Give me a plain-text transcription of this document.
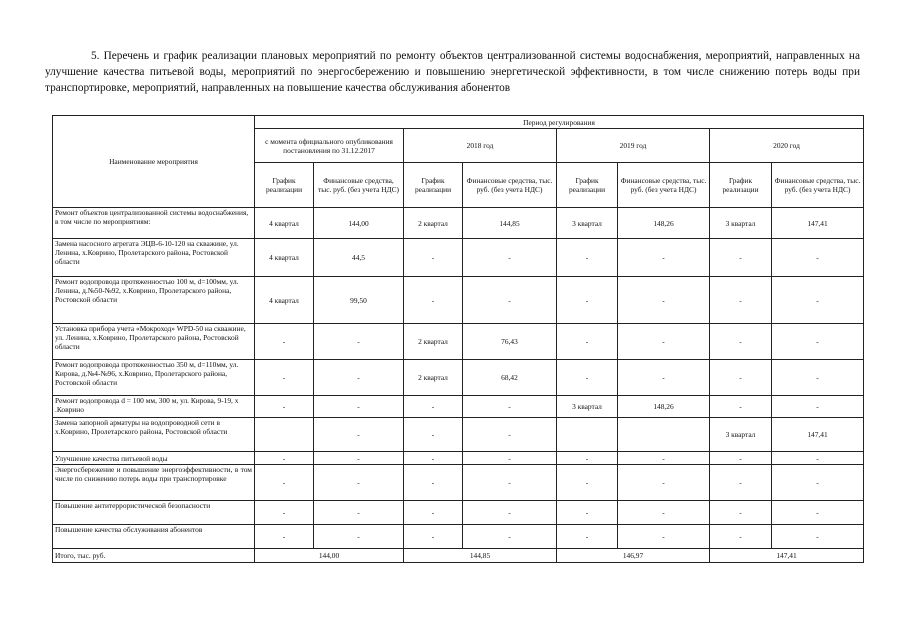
5. Перечень и график реализации плановых мероприятий по ремонту объектов централизованной системы водоснабжения, мероприятий, направленных на улучшение качества питьевой воды, мероприятий по энергосбережению и повышению энергетической эффективности, в том числе снижению потерь воды при транспортировке, мероприятий, направленных на повышение качества обслуживания абонентов

Наименование мероприятия	Период регулирования							
	с момента официального опубликования постановления по 31.12.2017		2018 год		2019 год		2020 год	
	График реализации	Финансовые средства, тыс. руб. (без учета НДС)	График реализации	Финансовые средства, тыс. руб. (без учета НДС)	График реализации	Финансовые средства, тыс. руб. (без учета НДС)	График реализации	Финансовые средства, тыс. руб. (без учета НДС)
Ремонт объектов централизованной системы водоснабжения, в том числе по мероприятиям:	4 квартал	144,00	2 квартал	144,85	3 квартал	148,26	3 квартал	147,41
Замена насосного агрегата ЭЦВ-6-10-120 на скважине, ул. Ленина, х.Коврино, Пролетарского района, Ростовской области	4 квартал	44,5	-	-	-	-	-	-
Ремонт водопровода протяженностью 100 м, d=100мм, ул. Ленина, д.№50-№92, х.Коврино, Пролетарского района, Ростовской области	4 квартал	99,50	-	-	-	-	-	-
Установка прибора учета «Мокроход» WPD-50 на скважине, ул. Ленина, х.Коврино, Пролетарского района, Ростовской области	-	-	2 квартал	76,43	-	-	-	-
Ремонт водопровода протяженностью 350 м, d=110мм, ул. Кирова, д.№4-№96, х.Коврино, Пролетарского района, Ростовской области	-	-	2 квартал	68,42	-	-	-	-
Ремонт водопровода d = 100 мм, 300 м, ул. Кирова, 9-19, х .Коврино	-	-	-	-	3 квартал	148,26	-	-
Замена запорной арматуры на водопроводной сети в х.Коврино, Пролетарского района, Ростовской области		-	-	-			3 квартал	147,41
Улучшение качества питьевой воды	-	-	-	-	-	-	-	-
Энергосбережение и повышение энергоэффективности, в том числе по снижению потерь воды при транспортировке	-	-	-	-	-	-	-	-
Повышение антитеррористической безопасности	-	-	-	-	-	-	-	-
Повышение качества обслуживания абонентов	-	-	-	-	-	-	-	-
Итого, тыс. руб.	144,00		144,85		146,97		147,41	
